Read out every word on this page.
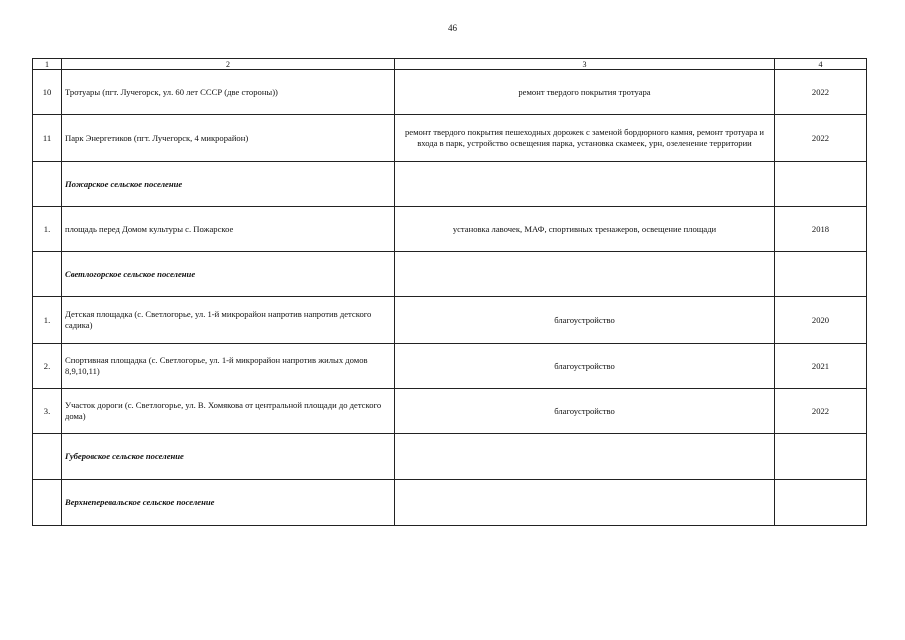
46
1	2	3	4
10	Тротуары (пгт. Лучегорск, ул. 60 лет СССР (две стороны))	ремонт твердого покрытия тротуара	2022
11	Парк Энергетиков (пгт. Лучегорск, 4 микрорайон)	ремонт твердого покрытия пешеходных дорожек с заменой бордюрного камня, ремонт тротуара и входа в парк, устройство освещения парка, установка скамеек, урн, озеленение территории	2022
	Пожарское сельское поселение		
1.	площадь перед Домом культуры с. Пожарское	установка лавочек, МАФ, спортивных тренажеров, освещение площади	2018
	Светлогорское сельское поселение		
1.	Детская площадка (с. Светлогорье, ул. 1-й микрорайон напротив напротив детского садика)	благоустройство	2020
2.	Спортивная площадка (с. Светлогорье, ул. 1-й микрорайон напротив жилых домов 8,9,10,11)	благоустройство	2021
3.	Участок дороги (с. Светлогорье, ул. В. Хомякова от центральной площади до детского дома)	благоустройство	2022
	Губеровское сельское поселение		
	Верхнеперевальское сельское поселение		
